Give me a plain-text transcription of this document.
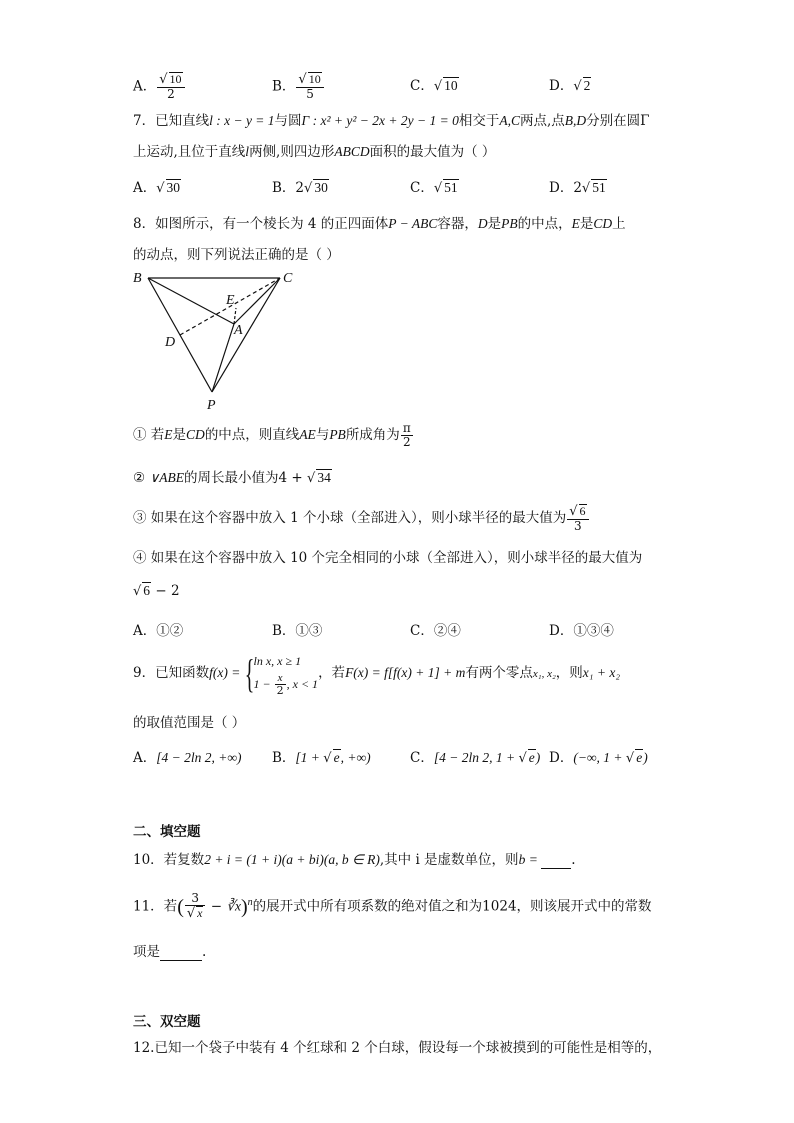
A． $\frac{√ 10}{2}$	B． $\frac{√ 10}{5}$	C．√ 10	D．√ 2
7．已知直线l : x − y = 1与圆Γ : x² + y² − 2x + 2y − 1 = 0相交于A,C两点,点B,D分别在圆Γ
上运动,且位于直线l两侧,则四边形ABCD面积的最大值为（ ）
A．√ 30	B．2√ 30	C．√ 51	D．2√ 51
8．如图所示，有一个棱长为 4 的正四面体P − ABC容器，D是PB的中点，E是CD上
的动点，则下列说法正确的是（ ）
B	C
E
A
D
P
① 若E是CD的中点，则直线AE与PB所成角为 $\frac{\pi}{2}$
② ∨ABE的周长最小值为4 + √ 34
③ 如果在这个容器中放入 1 个小球（全部进入），则小球半径的最大值为 $\frac{√ 6}{3}$
④ 如果在这个容器中放入 10 个完全相同的小球（全部进入），则小球半径的最大值为
√ 6 − 2
A．①②	B．①③	C．②④	D．①③④
9．已知函数f(x) = {
ln x, x ≥ 1
$1 - \frac{x}{2}$ , x < 1
，若F(x) = f[f(x) + 1] + m有两个零点x₁, x₂，则x₁ + x₂
的取值范围是（ ）
A．[4 − 2ln 2, +∞) B．[1 + √ e, +∞)	C．[4 − 2ln 2, 1 + √ e) D．(−∞, 1 + √ e)
二、填空题
10．若复数2 + i = (1 + i)(a + bi)(a, b ∈ R),其中 i 是虚数单位，则b =  .
11．若( $\frac{3}{√ x}$ − ∛x)$^n$的展开式中所有项系数的绝对值之和为1024，则该展开式中的常数
项是	.
三、双空题
12.已知一个袋子中装有 4 个红球和 2 个白球，假设每一个球被摸到的可能性是相等的，
